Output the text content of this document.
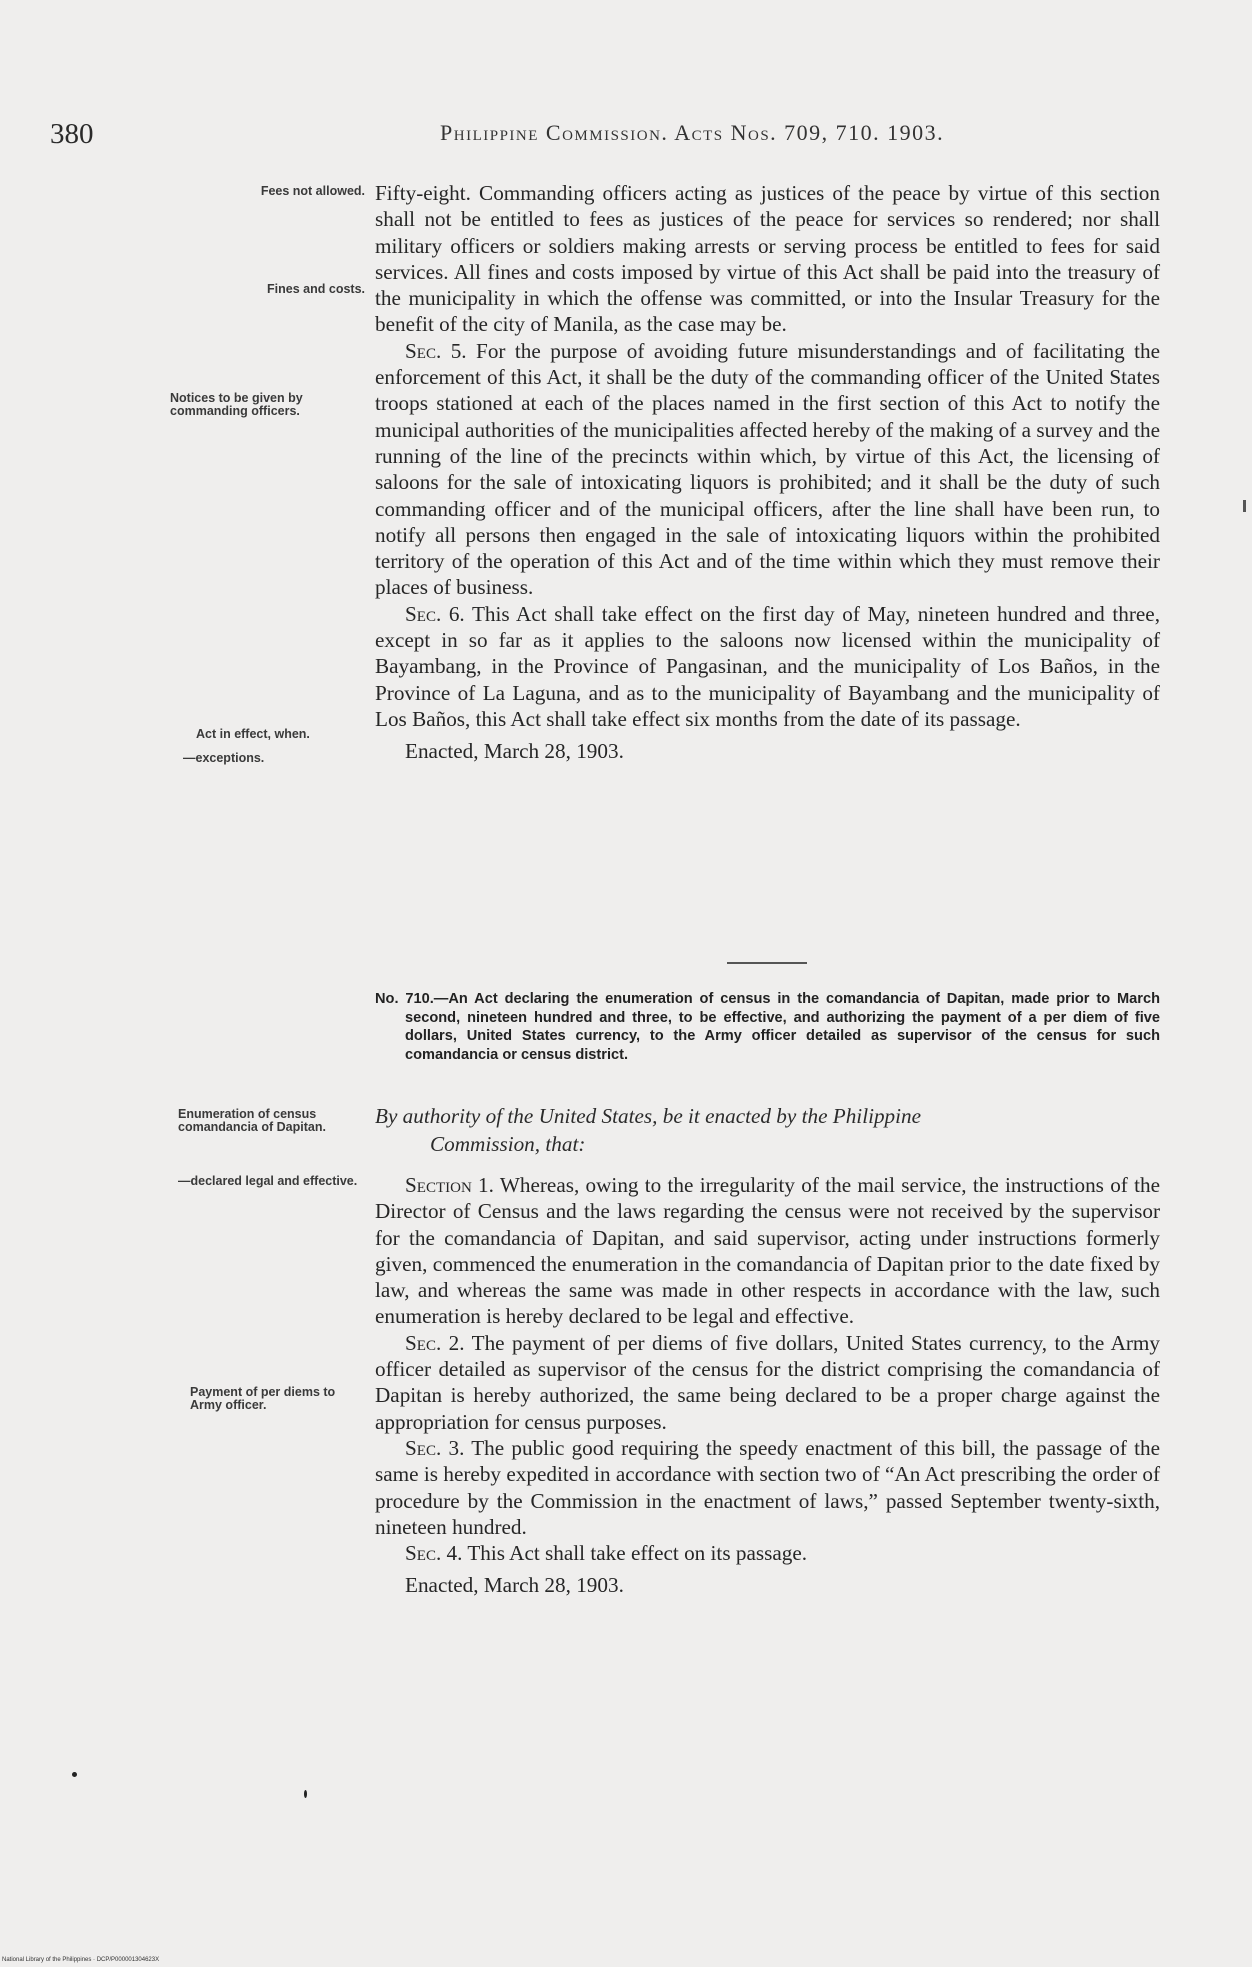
380	Philippine Commission. Acts Nos. 709, 710. 1903.
Fees not allowed.
Fines and costs.
Notices to be given by commanding officers.
Act in effect, when.
—exceptions.
Enumeration of census comandancia of Dapitan.
—declared legal and effective.
Payment of per diems to Army officer.

Fifty-eight. Commanding officers acting as justices of the peace by virtue of this section shall not be entitled to fees as justices of the peace for services so rendered; nor shall military officers or soldiers making arrests or serving process be entitled to fees for said services. All fines and costs imposed by virtue of this Act shall be paid into the treasury of the municipality in which the offense was committed, or into the Insular Treasury for the benefit of the city of Manila, as the case may be.

Sec. 5. For the purpose of avoiding future misunderstandings and of facilitating the enforcement of this Act, it shall be the duty of the commanding officer of the United States troops stationed at each of the places named in the first section of this Act to notify the municipal authorities of the municipalities affected hereby of the making of a survey and the running of the line of the precincts within which, by virtue of this Act, the licensing of saloons for the sale of intoxicating liquors is prohibited; and it shall be the duty of such commanding officer and of the municipal officers, after the line shall have been run, to notify all persons then engaged in the sale of intoxicating liquors within the prohibited territory of the operation of this Act and of the time within which they must remove their places of business.

Sec. 6. This Act shall take effect on the first day of May, nineteen hundred and three, except in so far as it applies to the saloons now licensed within the municipality of Bayambang, in the Province of Pangasinan, and the municipality of Los Baños, in the Province of La Laguna, and as to the municipality of Bayambang and the municipality of Los Baños, this Act shall take effect six months from the date of its passage.

Enacted, March 28, 1903.

No. 710.—An Act declaring the enumeration of census in the comandancia of Dapitan, made prior to March second, nineteen hundred and three, to be effective, and authorizing the payment of a per diem of five dollars, United States currency, to the Army officer detailed as supervisor of the census for such comandancia or census district.
By authority of the United States, be it enacted by the Philippine
Commission, that:

Section 1. Whereas, owing to the irregularity of the mail service, the instructions of the Director of Census and the laws regarding the census were not received by the supervisor for the comandancia of Dapitan, and said supervisor, acting under instructions formerly given, commenced the enumeration in the comandancia of Dapitan prior to the date fixed by law, and whereas the same was made in other respects in accordance with the law, such enumeration is hereby declared to be legal and effective.

Sec. 2. The payment of per diems of five dollars, United States currency, to the Army officer detailed as supervisor of the census for the district comprising the comandancia of Dapitan is hereby authorized, the same being declared to be a proper charge against the appropriation for census purposes.

Sec. 3. The public good requiring the speedy enactment of this bill, the passage of the same is hereby expedited in accordance with section two of “An Act prescribing the order of procedure by the Commission in the enactment of laws,” passed September twenty-sixth, nineteen hundred.

Sec. 4. This Act shall take effect on its passage.

Enacted, March 28, 1903.

National Library of the Philippines · DCP/P000001304623X
